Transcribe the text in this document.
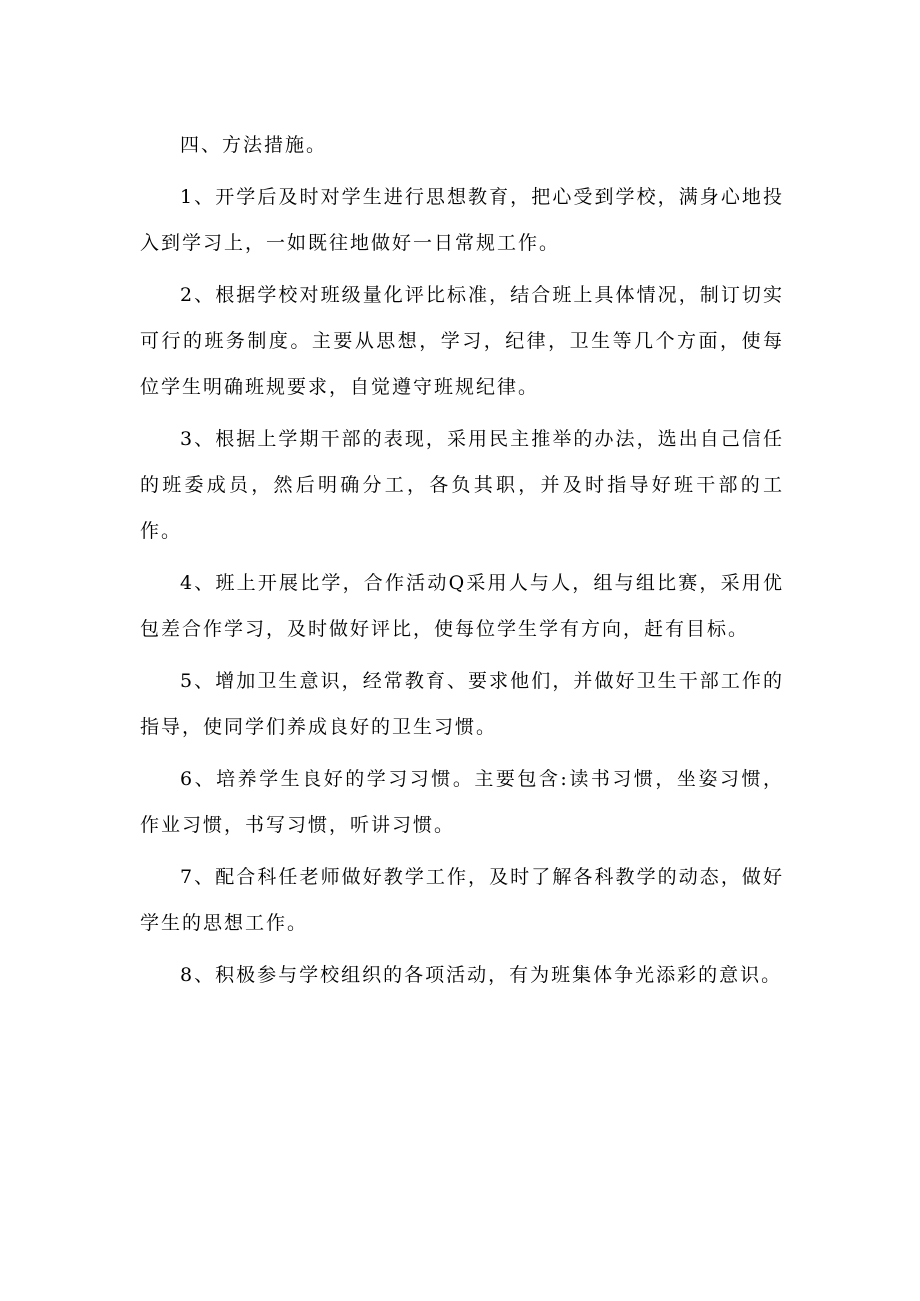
四、方法措施。

1、开学后及时对学生进行思想教育，把心受到学校，满身心地投入到学习上，一如既往地做好一日常规工作。

2、根据学校对班级量化评比标准，结合班上具体情况，制订切实可行的班务制度。主要从思想，学习，纪律，卫生等几个方面，使每位学生明确班规要求，自觉遵守班规纪律。

3、根据上学期干部的表现，采用民主推举的办法，选出自己信任的班委成员，然后明确分工，各负其职，并及时指导好班干部的工作。

4、班上开展比学，合作活动Q采用人与人，组与组比赛，采用优包差合作学习，及时做好评比，使每位学生学有方向，赶有目标。

5、增加卫生意识，经常教育、要求他们，并做好卫生干部工作的指导，使同学们养成良好的卫生习惯。

6、培养学生良好的学习习惯。主要包含:读书习惯，坐姿习惯，作业习惯，书写习惯，听讲习惯。

7、配合科任老师做好教学工作，及时了解各科教学的动态，做好学生的思想工作。

8、积极参与学校组织的各项活动，有为班集体争光添彩的意识。
